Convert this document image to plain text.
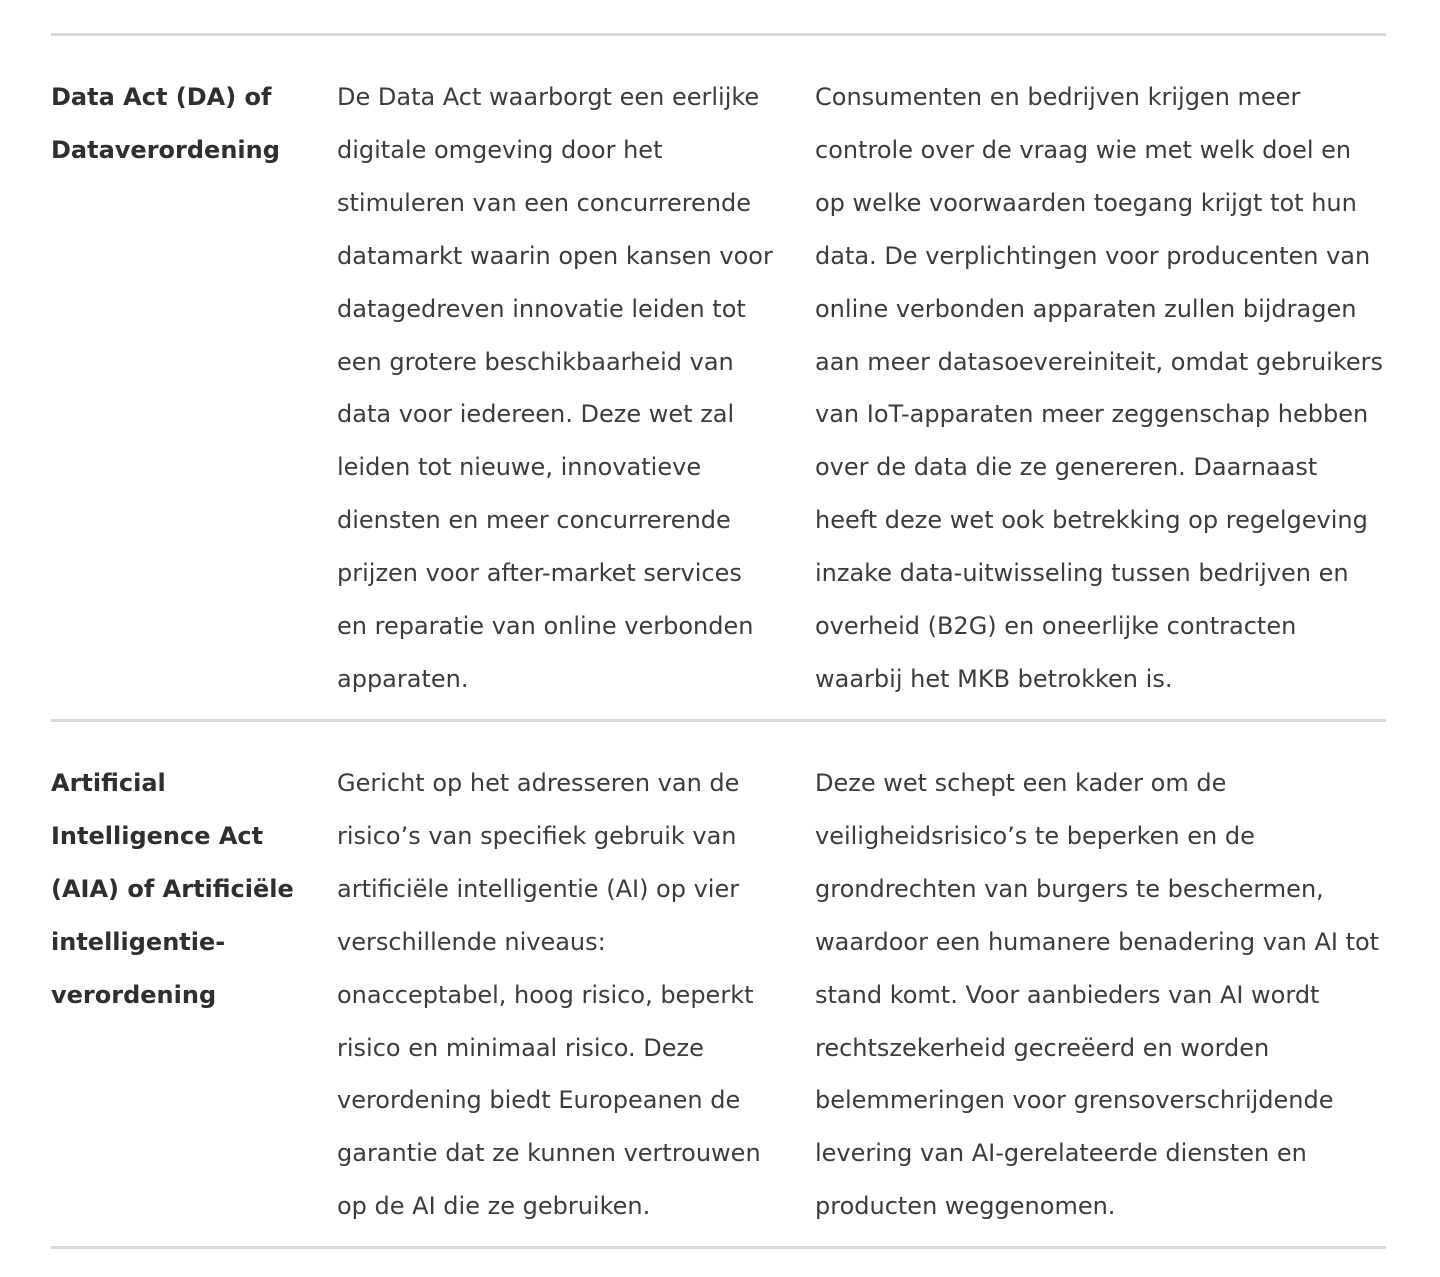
Data Act (DA) of Dataverordening
De Data Act waarborgt een eerlijke digitale omgeving door het stimuleren van een concurrerende datamarkt waarin open kansen voor datagedreven innovatie leiden tot een grotere beschikbaarheid van data voor iedereen. Deze wet zal leiden tot nieuwe, innovatieve diensten en meer concurrerende prijzen voor after-market services en reparatie van online verbonden apparaten.
Consumenten en bedrijven krijgen meer controle over de vraag wie met welk doel en op welke voorwaarden toegang krijgt tot hun data. De verplichtingen voor producenten van online verbonden apparaten zullen bijdragen aan meer datasoevereiniteit, omdat gebruikers van IoT-apparaten meer zeggenschap hebben over de data die ze genereren. Daarnaast heeft deze wet ook betrekking op regelgeving inzake data-uitwisseling tussen bedrijven en overheid (B2G) en oneerlijke contracten waarbij het MKB betrokken is.
Artificial Intelligence Act (AIA) of Artificiële intelligentie-verordening
Gericht op het adresseren van de risico’s van specifiek gebruik van artificiële intelligentie (AI) op vier verschillende niveaus: onacceptabel, hoog risico, beperkt risico en minimaal risico. Deze verordening biedt Europeanen de garantie dat ze kunnen vertrouwen op de AI die ze gebruiken.
Deze wet schept een kader om de veiligheidsrisico’s te beperken en de grondrechten van burgers te beschermen, waardoor een humanere benadering van AI tot stand komt. Voor aanbieders van AI wordt rechtszekerheid gecreëerd en worden belemmeringen voor grensoverschrijdende levering van AI-gerelateerde diensten en producten weggenomen.
